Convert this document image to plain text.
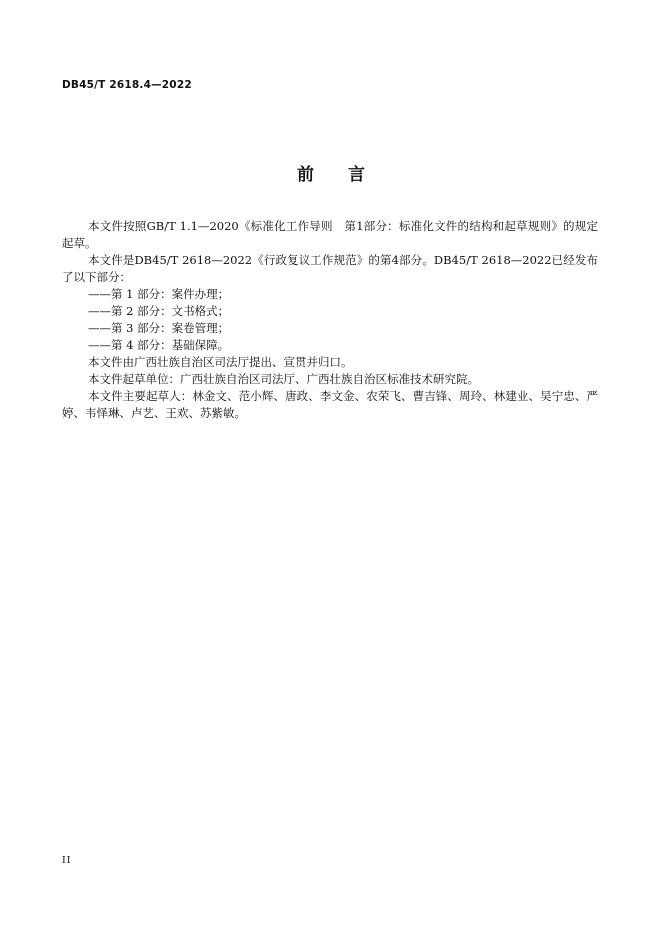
DB45/T 2618.4—2022
前　　言

本文件按照GB/T 1.1—2020《标准化工作导则　第1部分：标准化文件的结构和起草规则》的规定起草。

本文件是DB45/T 2618—2022《行政复议工作规范》的第4部分。DB45/T 2618—2022已经发布了以下部分：

——第 1 部分：案件办理；

——第 2 部分：文书格式；

——第 3 部分：案卷管理；

——第 4 部分：基础保障。

本文件由广西壮族自治区司法厅提出、宣贯并归口。

本文件起草单位：广西壮族自治区司法厅、广西壮族自治区标准技术研究院。

本文件主要起草人：林金文、范小辉、唐政、李文金、农荣飞、曹吉锋、周玲、林建业、吴宁忠、严婷、韦怿琳、卢艺、王欢、苏紫敏。

II
